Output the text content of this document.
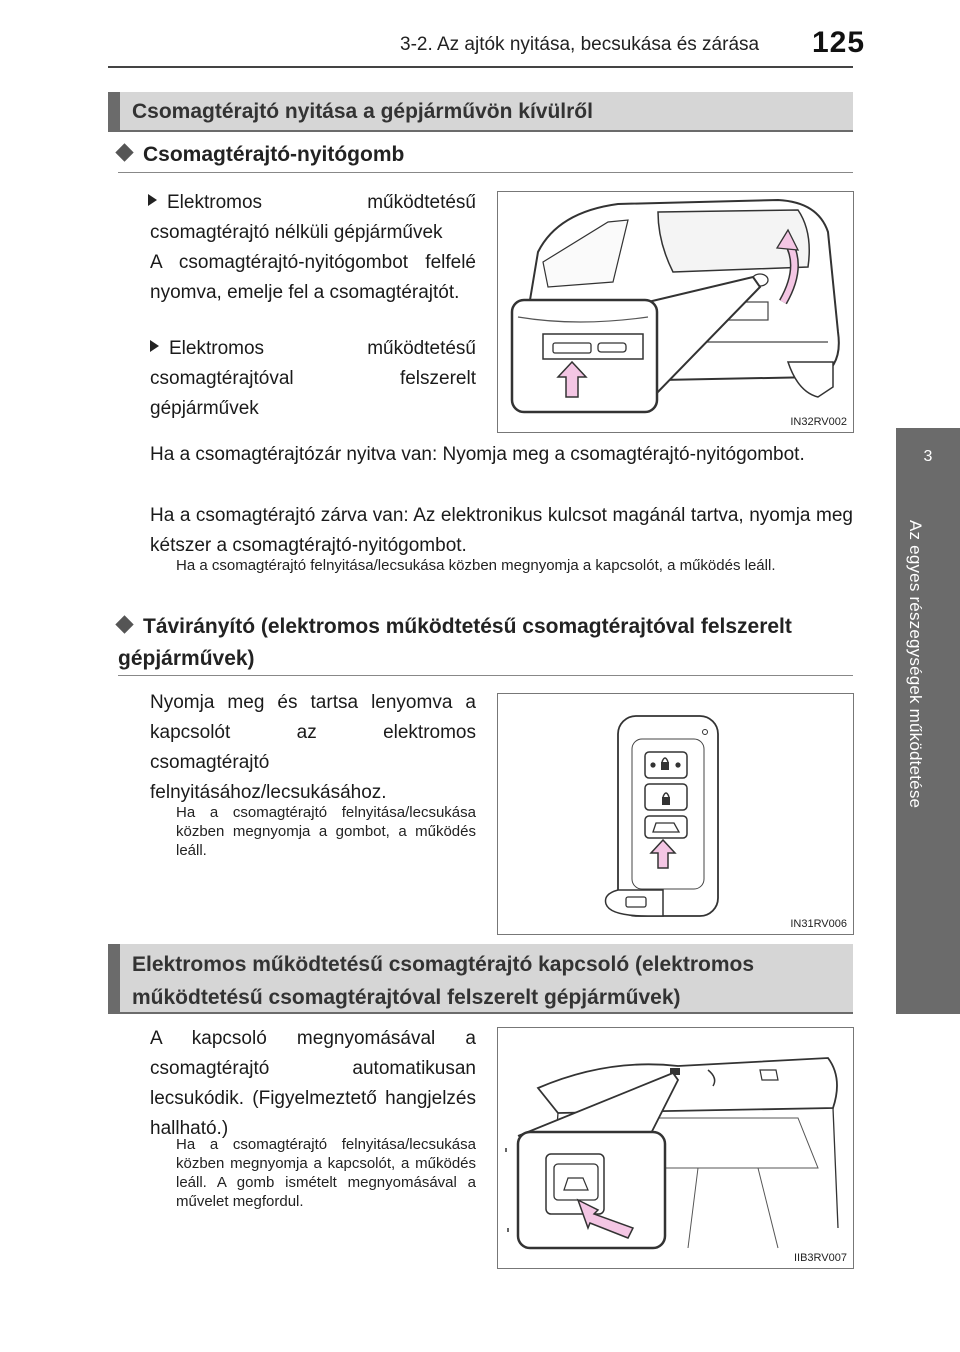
3-2. Az ajtók nyitása, becsukása és zárása 125
3
Az egyes részegységek működtetése
Csomagtérajtó nyitása a gépjárművön kívülről
Csomagtérajtó-nyitógomb
Elektromos működtetésű csomagtérajtó nélküli gépjárművek
A csomagtérajtó-nyitógombot felfelé nyomva, emelje fel a csomagtérajtót.
Elektromos működtetésű csomagtérajtóval felszerelt gépjárművek
IN32RV002
Ha a csomagtérajtózár nyitva van: Nyomja meg a csomagtérajtó-nyitógombot.
Ha a csomagtérajtó zárva van: Az elektronikus kulcsot magánál tartva, nyomja meg kétszer a csomagtérajtó-nyitógombot.
Ha a csomagtérajtó felnyitása/lecsukása közben megnyomja a kapcsolót, a működés leáll.
Távirányító (elektromos működtetésű csomagtérajtóval felszerelt gépjárművek)
Nyomja meg és tartsa lenyomva a kapcsolót az elektromos csomagtérajtó felnyitásához/lecsukásához.
Ha a csomagtérajtó felnyitása/lecsukása közben megnyomja a gombot, a működés leáll.
IN31RV006
Elektromos működtetésű csomagtérajtó kapcsoló (elektromos működtetésű csomagtérajtóval felszerelt gépjárművek)
A kapcsoló megnyomásával a csomagtérajtó automatikusan lecsukódik. (Figyelmeztető hangjelzés hallható.)
Ha a csomagtérajtó felnyitása/lecsukása közben megnyomja a kapcsolót, a működés leáll. A gomb ismételt megnyomásával a művelet megfordul.
IIB3RV007
